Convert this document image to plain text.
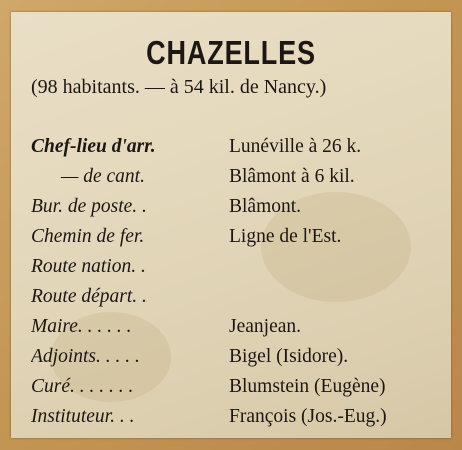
CHAZELLES
(98 habitants. — à 54 kil. de Nancy.)
Chef-lieu d'arr.	Lunéville à 26 k.
— de cant.	Blâmont à 6 kil.
Bur. de poste. .	Blâmont.
Chemin de fer.	Ligne de l'Est.
Route nation. .
Route départ. .
Maire. . . . . .	Jeanjean.
Adjoints. . . . .	Bigel (Isidore).
Curé. . . . . . .	Blumstein (Eugène)
Instituteur. . .	François (Jos.-Eug.)
